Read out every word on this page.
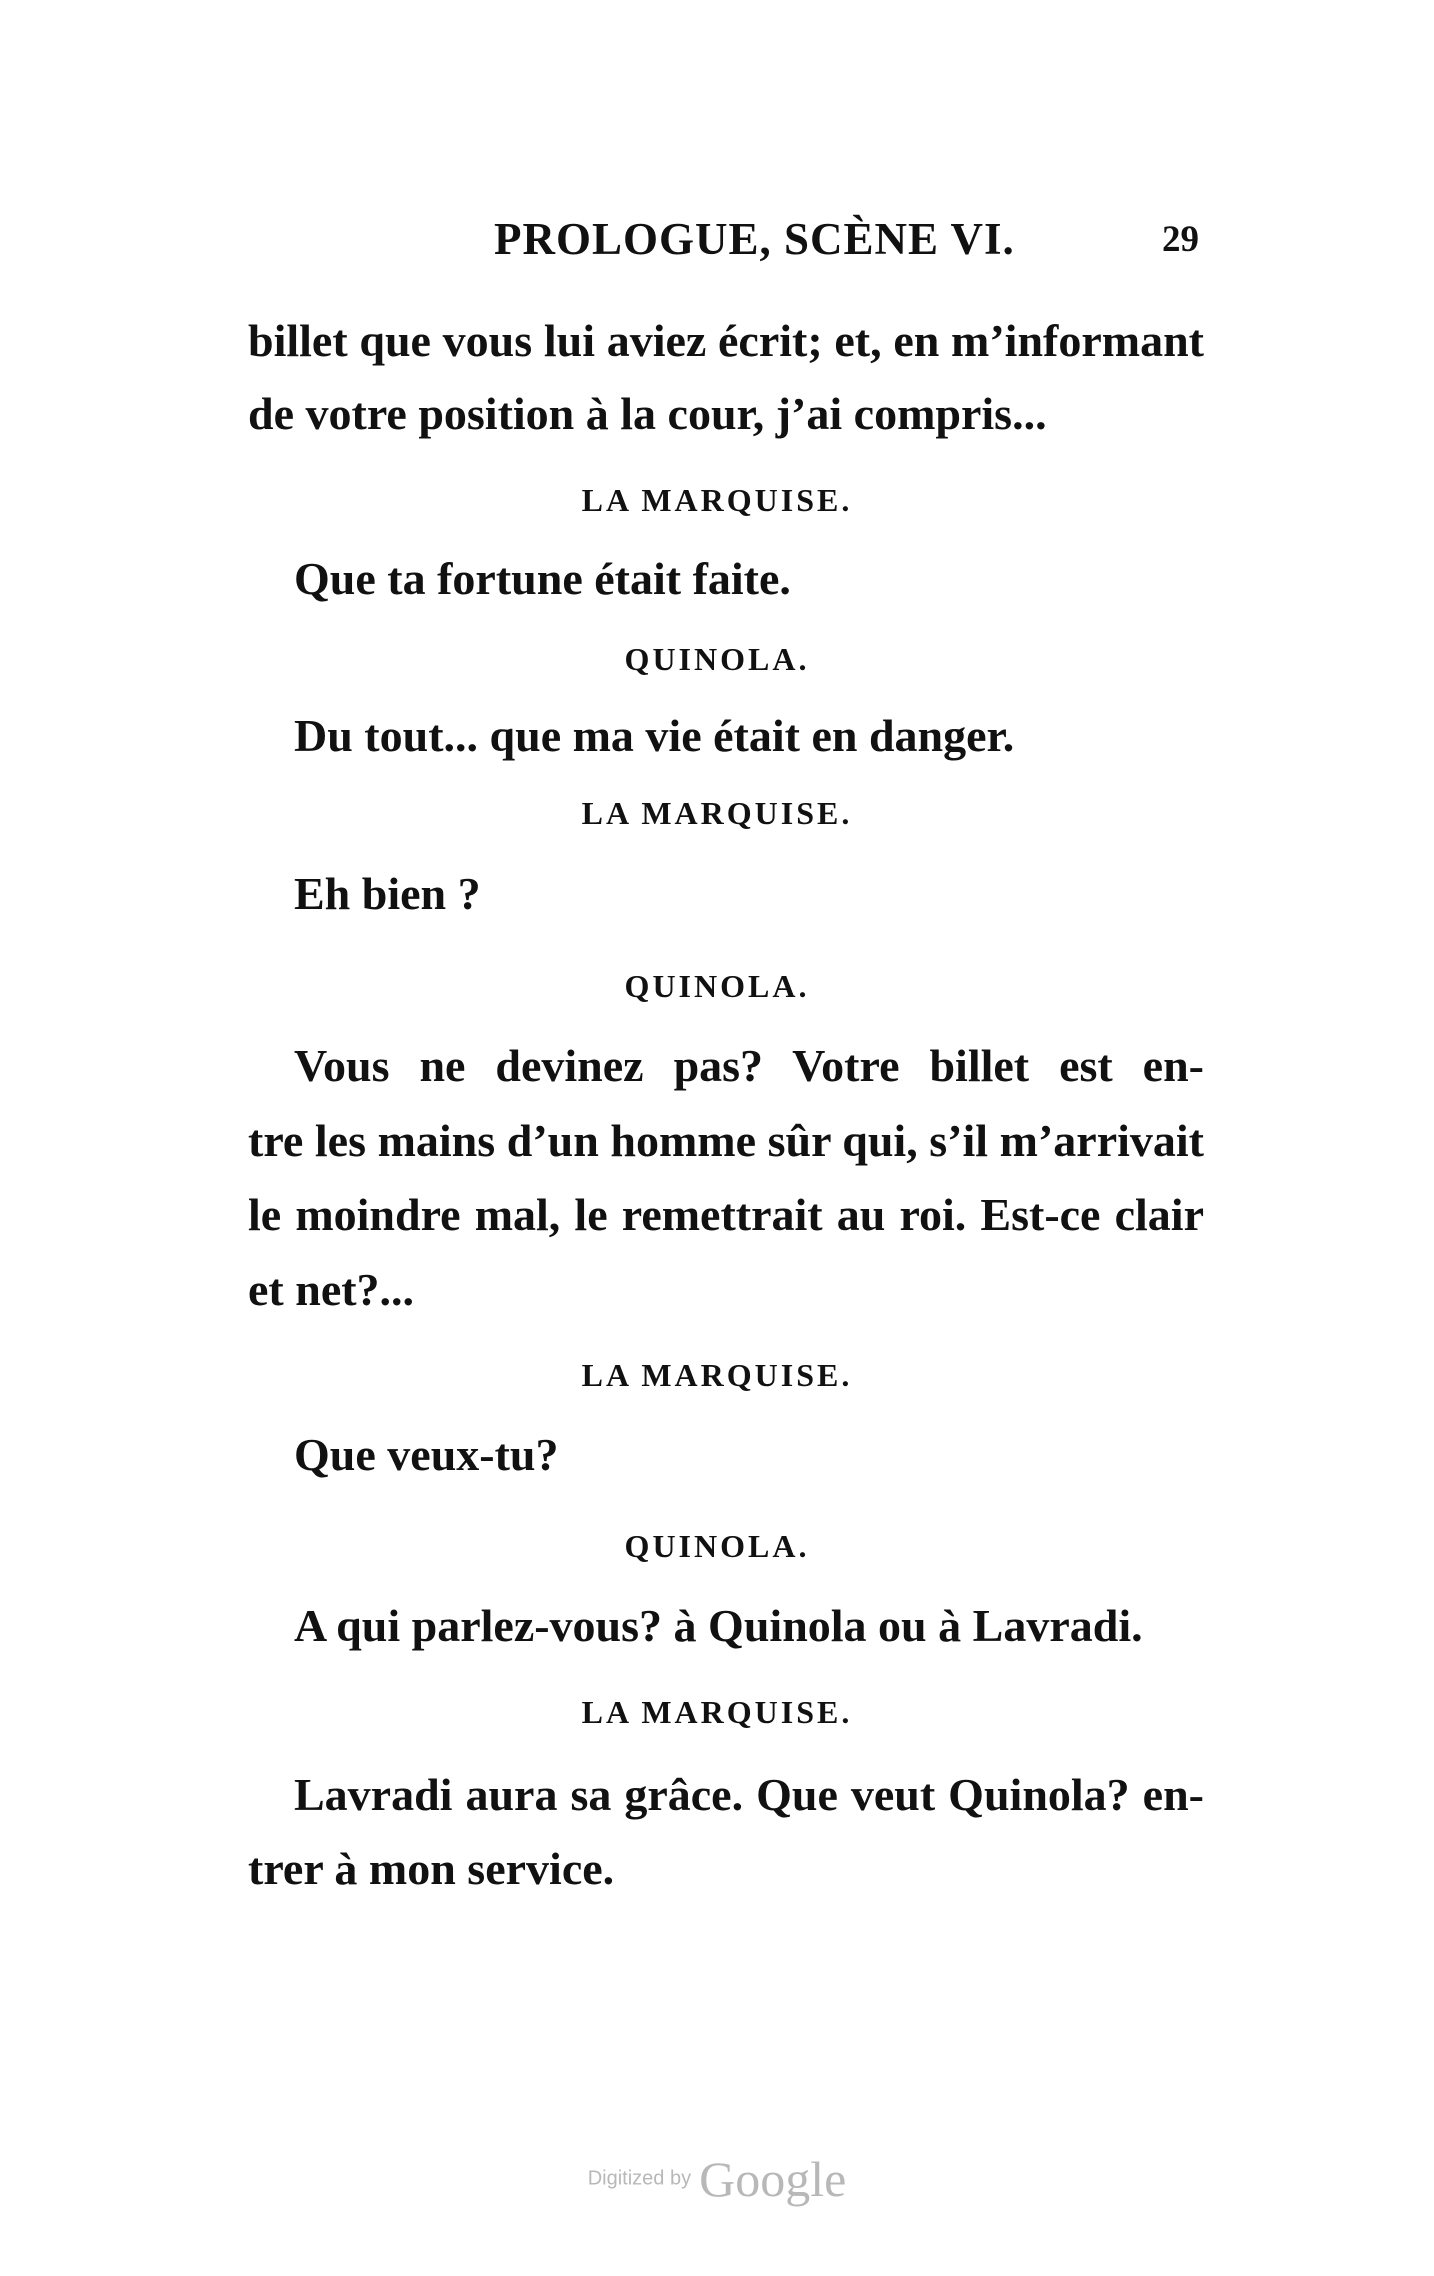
PROLOGUE, SCÈNE VI.	29
billet que vous lui aviez écrit; et, en m’informant
de votre position à la cour, j’ai compris...
LA MARQUISE.
Que ta fortune était faite.
QUINOLA.
Du tout... que ma vie était en danger.
LA MARQUISE.
Eh bien ?
QUINOLA.
Vous ne devinez pas? Votre billet est en-
tre les mains d’un homme sûr qui, s’il m’arrivait
le moindre mal, le remettrait au roi. Est-ce clair
et net?...
LA MARQUISE.
Que veux-tu?
QUINOLA.
A qui parlez-vous? à Quinola ou à Lavradi.
LA MARQUISE.
Lavradi aura sa grâce. Que veut Quinola? en-
trer à mon service.
Digitized by Google
